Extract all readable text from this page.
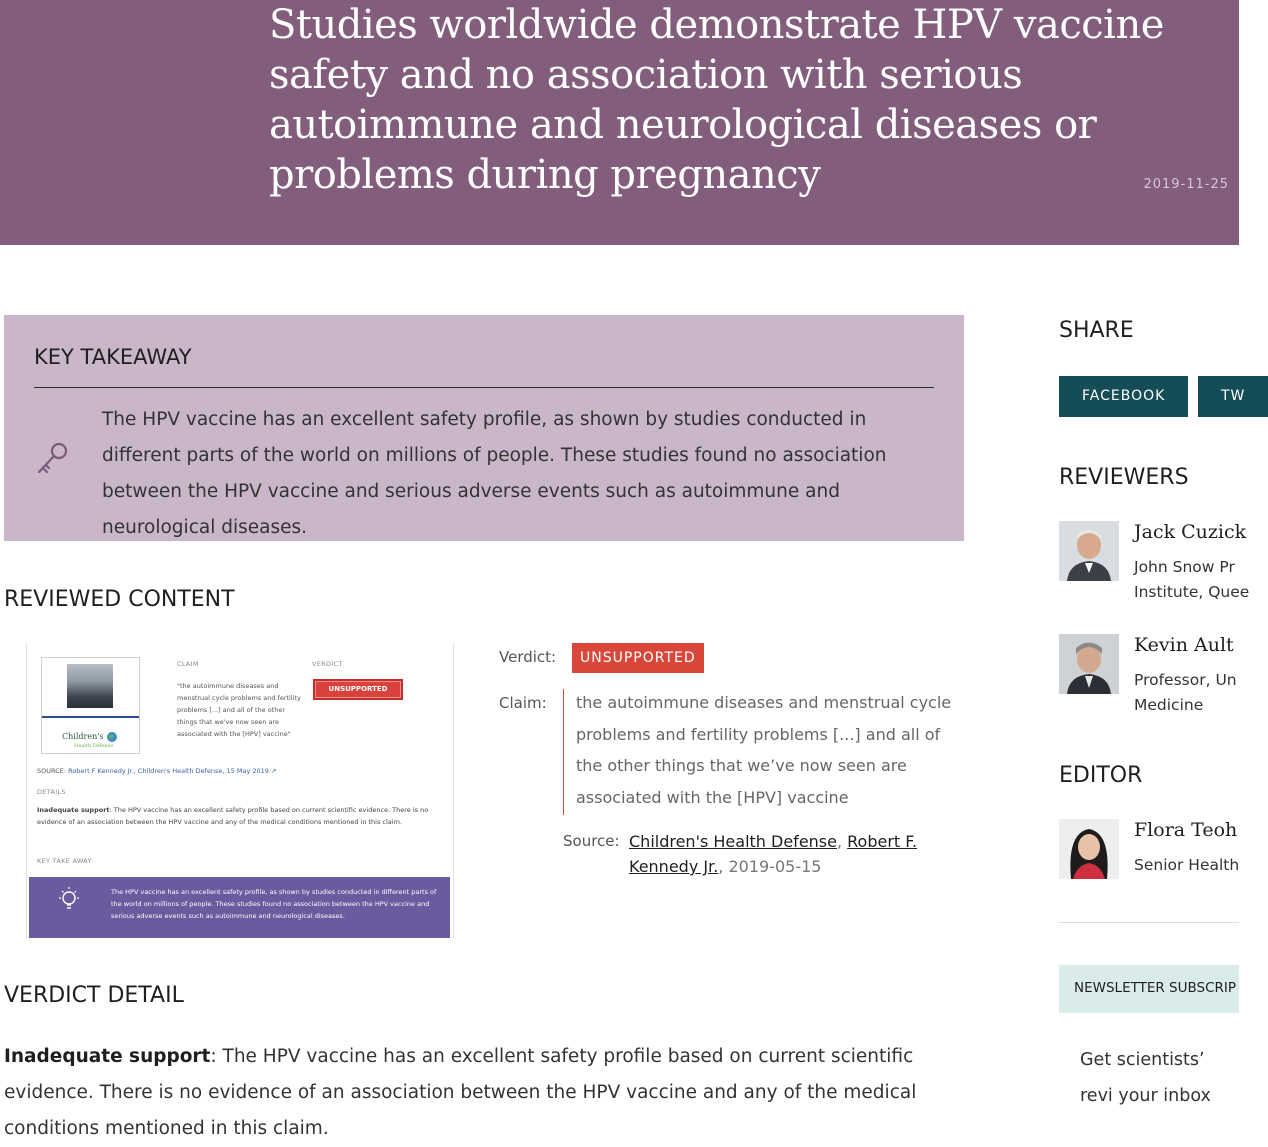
Studies worldwide demonstrate HPV vaccine safety and no association with serious autoimmune and neurological diseases or problems during pregnancy	2019-11-25
KEY TAKEAWAY

The HPV vaccine has an excellent safety profile, as shown by studies conducted in different parts of the world on millions of people. These studies found no association between the HPV vaccine and serious adverse events such as autoimmune and neurological diseases.

REVIEWED CONTENT
Children's
Health Defense
CLAIM	VERDICT
"the autoimmune diseases and menstrual cycle problems and fertility problems [...] and all of the other things that we've now seen are associated with the [HPV] vaccine"
UNSUPPORTED
SOURCE: Robert F Kennedy Jr., Children's Health Defense, 15 May 2019 ↗
DETAILS
Inadequate support: The HPV vaccine has an excellent safety profile based on current scientific evidence. There is no evidence of an association between the HPV vaccine and any of the medical conditions mentioned in this claim.
KEY TAKE AWAY
The HPV vaccine has an excellent safety profile, as shown by studies conducted in different parts of the world on millions of people. These studies found no association between the HPV vaccine and serious adverse events such as autoimmune and neurological diseases.
Verdict:	UNSUPPORTED
Claim: the autoimmune diseases and menstrual cycle problems and fertility problems [...] and all of the other things that we’ve now seen are associated with the [HPV] vaccine

Source: Children's Health Defense, Robert F. Kennedy Jr., 2019-05-15
VERDICT DETAIL

Inadequate support: The HPV vaccine has an excellent safety profile based on current scientific evidence. There is no evidence of an association between the HPV vaccine and any of the medical conditions mentioned in this claim.

SHARE
FACEBOOK	TW
REVIEWERS
Jack Cuzick
John Snow Pr Institute, Quee
Kevin Ault
Professor, Un Medicine
EDITOR
Flora Teoh
Senior Health
NEWSLETTER SUBSCRIP
Get scientists’ revi your inbox
